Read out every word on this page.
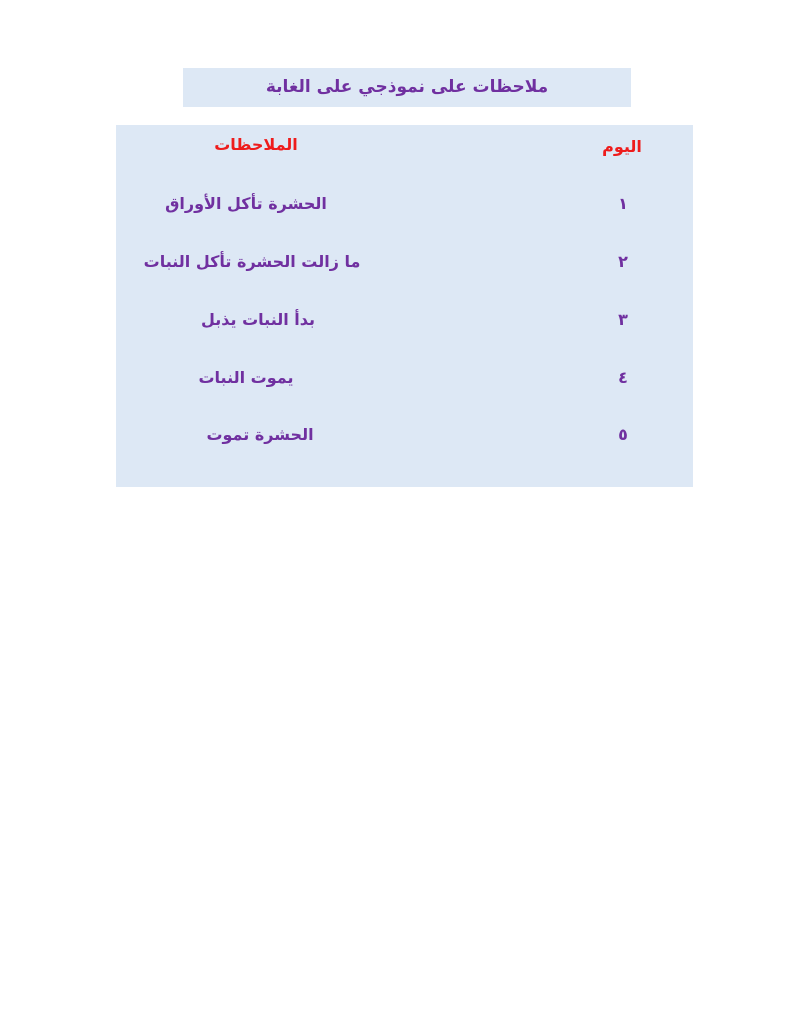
ملاحظات على نموذجي على الغابة
اليوم
الملاحظات
١
الحشرة تأكل الأوراق
٢
ما زالت الحشرة تأكل النبات
٣
بدأ النبات يذبل
٤
يموت النبات
٥
الحشرة تموت
